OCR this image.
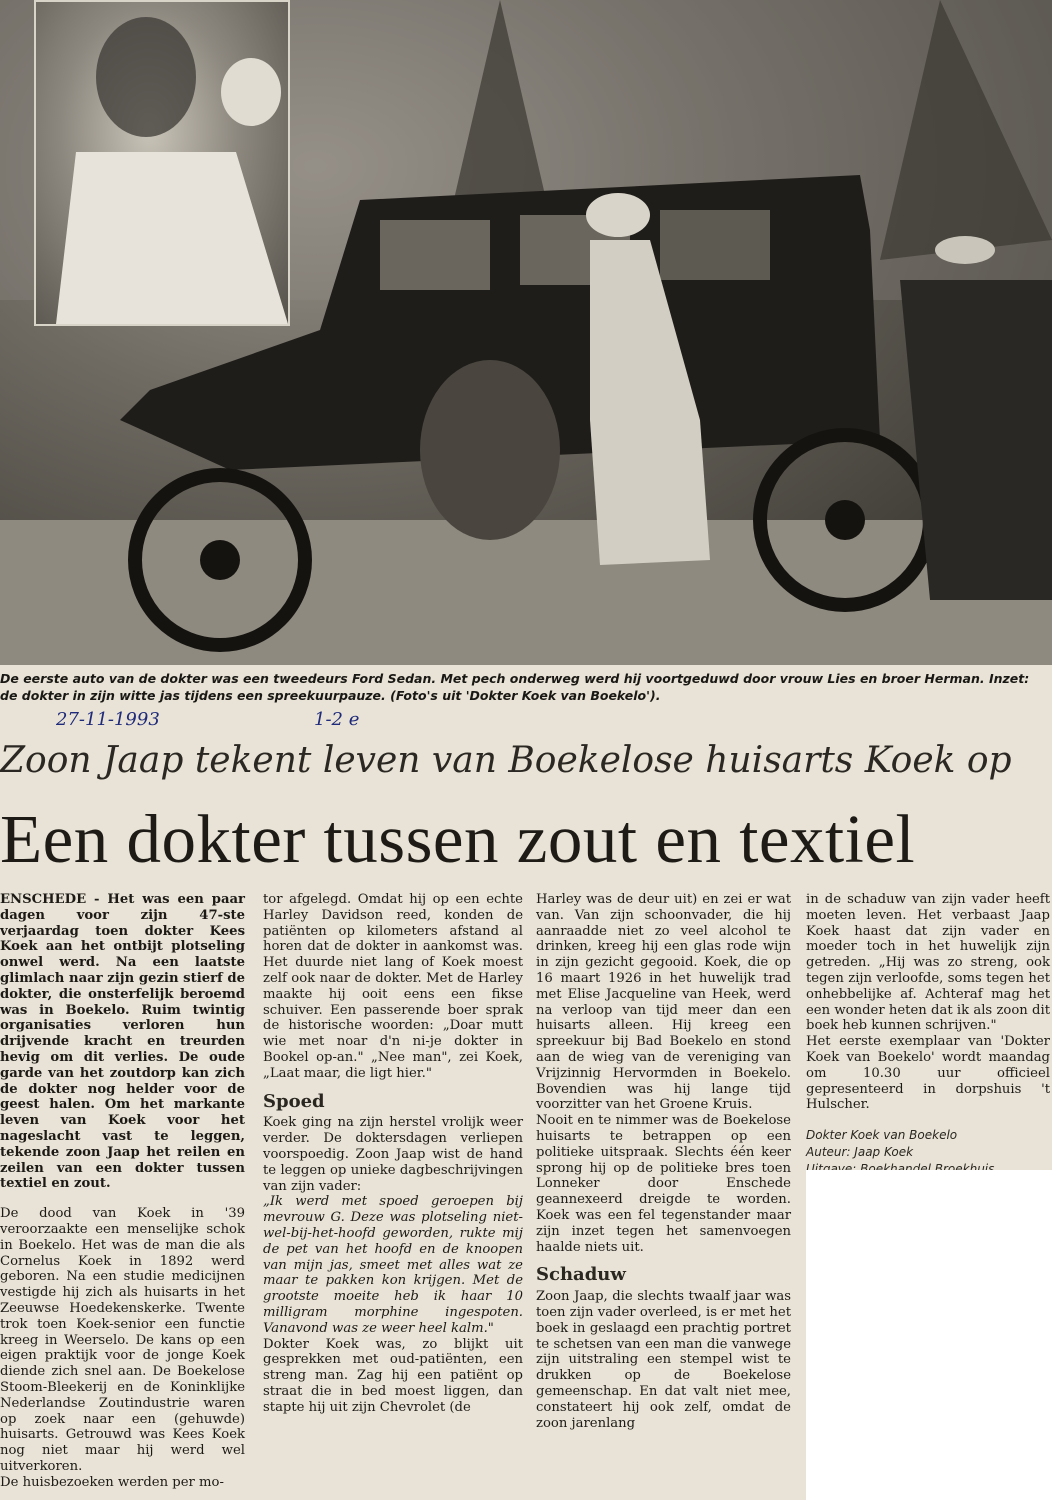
De eerste auto van de dokter was een tweedeurs Ford Sedan. Met pech onderweg werd hij voortgeduwd door vrouw Lies en broer Herman. Inzet: de dokter in zijn witte jas tijdens een spreekuurpauze. (Foto's uit 'Dokter Koek van Boekelo').
27-11-1993	1-2 e
Zoon Jaap tekent leven van Boekelose huisarts Koek op
Een dokter tussen zout en textiel

ENSCHEDE - Het was een paar dagen voor zijn 47-ste verjaardag toen dokter Kees Koek aan het ontbijt plotseling onwel werd. Na een laatste glimlach naar zijn gezin stierf de dokter, die onsterfelijk beroemd was in Boekelo. Ruim twintig organisaties verloren hun drijvende kracht en treurden hevig om dit verlies. De oude garde van het zoutdorp kan zich de dokter nog helder voor de geest halen. Om het markante leven van Koek voor het nageslacht vast te leggen, tekende zoon Jaap het reilen en zeilen van een dokter tussen textiel en zout.

De dood van Koek in '39 veroorzaakte een menselijke schok in Boekelo. Het was de man die als Cornelus Koek in 1892 werd geboren. Na een studie medicijnen vestigde hij zich als huisarts in het Zeeuwse Hoedekenskerke. Twente trok toen Koek-senior een functie kreeg in Weerselo. De kans op een eigen praktijk voor de jonge Koek diende zich snel aan. De Boekelose Stoom-Bleekerij en de Koninklijke Nederlandse Zoutindustrie waren op zoek naar een (gehuwde) huisarts. Getrouwd was Kees Koek nog niet maar hij werd wel uitverkoren.

De huisbezoeken werden per mo-

tor afgelegd. Omdat hij op een echte Harley Davidson reed, konden de patiënten op kilometers afstand al horen dat de dokter in aankomst was. Het duurde niet lang of Koek moest zelf ook naar de dokter. Met de Harley maakte hij ooit eens een fikse schuiver. Een passerende boer sprak de historische woorden: „Doar mutt wie met noar d'n ni-je dokter in Bookel op-an." „Nee man", zei Koek, „Laat maar, die ligt hier."

Spoed

Koek ging na zijn herstel vrolijk weer verder. De doktersdagen verliepen voorspoedig. Zoon Jaap wist de hand te leggen op unieke dagbeschrijvingen van zijn vader:

„Ik werd met spoed geroepen bij mevrouw G. Deze was plotseling niet-wel-bij-het-hoofd geworden, rukte mij de pet van het hoofd en de knoopen van mijn jas, smeet met alles wat ze maar te pakken kon krijgen. Met de grootste moeite heb ik haar 10 milligram morphine ingespoten. Vanavond was ze weer heel kalm."

Dokter Koek was, zo blijkt uit gesprekken met oud-patiënten, een streng man. Zag hij een patiënt op straat die in bed moest liggen, dan stapte hij uit zijn Chevrolet (de

Harley was de deur uit) en zei er wat van. Van zijn schoonvader, die hij aanraadde niet zo veel alcohol te drinken, kreeg hij een glas rode wijn in zijn gezicht gegooid. Koek, die op 16 maart 1926 in het huwelijk trad met Elise Jacqueline van Heek, werd na verloop van tijd meer dan een huisarts alleen. Hij kreeg een spreekuur bij Bad Boekelo en stond aan de wieg van de vereniging van Vrijzinnig Hervormden in Boekelo. Bovendien was hij lange tijd voorzitter van het Groene Kruis.

Nooit en te nimmer was de Boekelose huisarts te betrappen op een politieke uitspraak. Slechts één keer sprong hij op de politieke bres toen Lonneker door Enschede geannexeerd dreigde te worden. Koek was een fel tegenstander maar zijn inzet tegen het samenvoegen haalde niets uit.

Schaduw

Zoon Jaap, die slechts twaalf jaar was toen zijn vader overleed, is er met het boek in geslaagd een prachtig portret te schetsen van een man die vanwege zijn uitstraling een stempel wist te drukken op de Boekelose gemeenschap. En dat valt niet mee, constateert hij ook zelf, omdat de zoon jarenlang

in de schaduw van zijn vader heeft moeten leven. Het verbaast Jaap Koek haast dat zijn vader en moeder toch in het huwelijk zijn getreden. „Hij was zo streng, ook tegen zijn verloofde, soms tegen het onhebbelijke af. Achteraf mag het een wonder heten dat ik als zoon dit boek heb kunnen schrijven."

Het eerste exemplaar van 'Dokter Koek van Boekelo' wordt maandag om 10.30 uur officieel gepresenteerd in dorpshuis 't Hulscher.

Dokter Koek van Boekelo
Auteur: Jaap Koek
